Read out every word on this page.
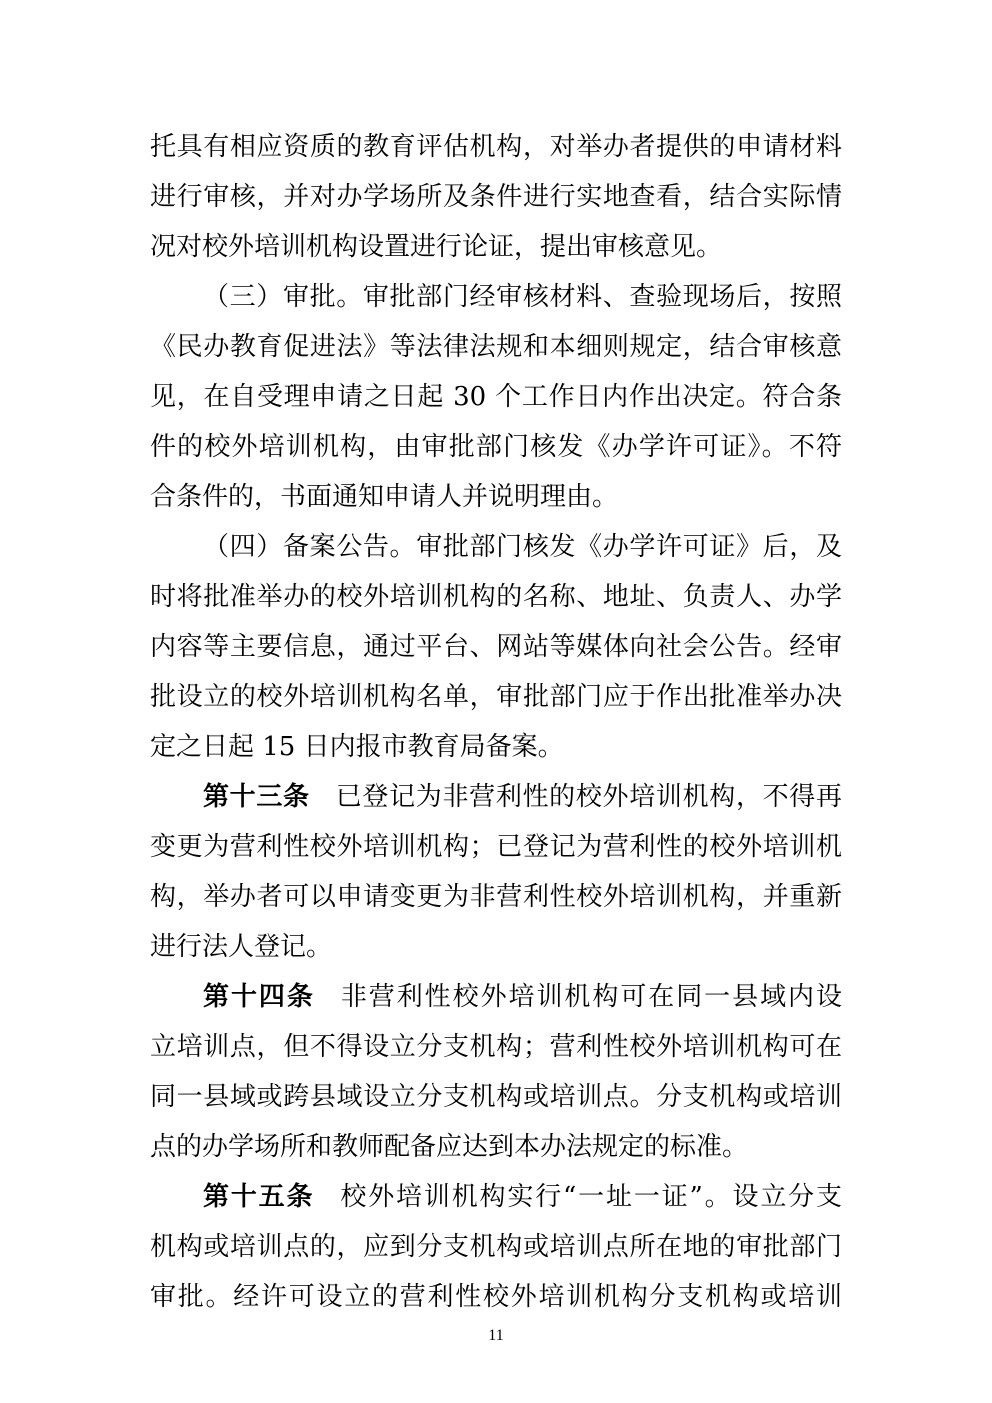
托具有相应资质的教育评估机构，对举办者提供的申请材料
进行审核，并对办学场所及条件进行实地查看，结合实际情
况对校外培训机构设置进行论证，提出审核意见。
（三）审批。审批部门经审核材料、查验现场后，按照
《民办教育促进法》等法律法规和本细则规定，结合审核意
见，在自受理申请之日起 30 个工作日内作出决定。符合条
件的校外培训机构，由审批部门核发《办学许可证》。不符
合条件的，书面通知申请人并说明理由。
（四）备案公告。审批部门核发《办学许可证》后，及
时将批准举办的校外培训机构的名称、地址、负责人、办学
内容等主要信息，通过平台、网站等媒体向社会公告。经审
批设立的校外培训机构名单，审批部门应于作出批准举办决
定之日起 15 日内报市教育局备案。
第十三条 已登记为非营利性的校外培训机构，不得再
变更为营利性校外培训机构；已登记为营利性的校外培训机
构，举办者可以申请变更为非营利性校外培训机构，并重新
进行法人登记。
第十四条 非营利性校外培训机构可在同一县域内设
立培训点，但不得设立分支机构；营利性校外培训机构可在
同一县域或跨县域设立分支机构或培训点。分支机构或培训
点的办学场所和教师配备应达到本办法规定的标准。
第十五条 校外培训机构实行“一址一证”。设立分支
机构或培训点的，应到分支机构或培训点所在地的审批部门
审批。经许可设立的营利性校外培训机构分支机构或培训
11
